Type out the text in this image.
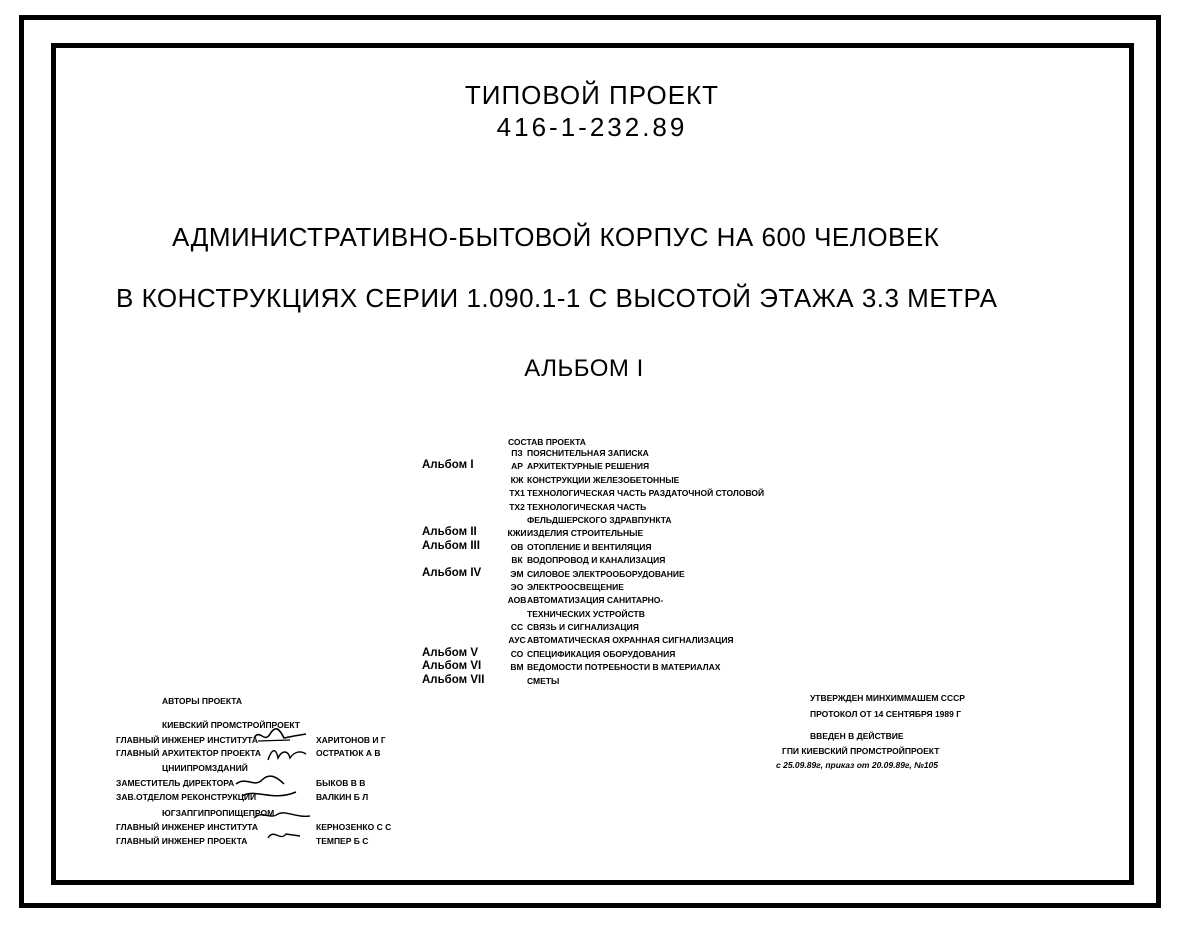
ТИПОВОЙ ПРОЕКТ
416-1-232.89
АДМИНИСТРАТИВНО-БЫТОВОЙ КОРПУС НА 600 ЧЕЛОВЕК
В КОНСТРУКЦИЯХ СЕРИИ 1.090.1-1 С ВЫСОТОЙ ЭТАЖА 3.3 МЕТРА
АЛЬБОМ I
СОСТАВ ПРОЕКТА
ПЗ ПОЯСНИТЕЛЬНАЯ ЗАПИСКА
Альбом I	АР АРХИТЕКТУРНЫЕ РЕШЕНИЯ
КЖ КОНСТРУКЦИИ ЖЕЛЕЗОБЕТОННЫЕ
ТХ1 ТЕХНОЛОГИЧЕСКАЯ ЧАСТЬ РАЗДАТОЧНОЙ СТОЛОВОЙ
ТХ2 ТЕХНОЛОГИЧЕСКАЯ ЧАСТЬ
ФЕЛЬДШЕРСКОГО ЗДРАВПУНКТА
Альбом II	КЖИ ИЗДЕЛИЯ СТРОИТЕЛЬНЫЕ
Альбом III	ОВ ОТОПЛЕНИЕ И ВЕНТИЛЯЦИЯ
ВК ВОДОПРОВОД И КАНАЛИЗАЦИЯ
Альбом IV	ЭМ СИЛОВОЕ ЭЛЕКТРООБОРУДОВАНИЕ
ЭО ЭЛЕКТРООСВЕЩЕНИЕ
АОВ АВТОМАТИЗАЦИЯ САНИТАРНО-
ТЕХНИЧЕСКИХ УСТРОЙСТВ
СС СВЯЗЬ И СИГНАЛИЗАЦИЯ
АУС АВТОМАТИЧЕСКАЯ ОХРАННАЯ СИГНАЛИЗАЦИЯ
Альбом V	СО СПЕЦИФИКАЦИЯ ОБОРУДОВАНИЯ
Альбом VI	ВМ ВЕДОМОСТИ ПОТРЕБНОСТИ В МАТЕРИАЛАХ
Альбом VII	СМЕТЫ
АВТОРЫ ПРОЕКТА
КИЕВСКИЙ ПРОМСТРОЙПРОЕКТ
ГЛАВНЫЙ ИНЖЕНЕР ИНСТИТУТА	ХАРИТОНОВ И Г
ГЛАВНЫЙ АРХИТЕКТОР ПРОЕКТА	ОСТРАТЮК А В
ЦНИИПРОМЗДАНИЙ
ЗАМЕСТИТЕЛЬ ДИРЕКТОРА	БЫКОВ В В
ЗАВ.ОТДЕЛОМ РЕКОНСТРУКЦИИ	ВАЛКИН Б Л
ЮГЗАПГИПРОПИЩЕПРОМ
ГЛАВНЫЙ ИНЖЕНЕР ИНСТИТУТА	КЕРНОЗЕНКО С С
ГЛАВНЫЙ ИНЖЕНЕР ПРОЕКТА	ТЕМПЕР Б С
УТВЕРЖДЕН МИНХИММАШЕМ СССР
ПРОТОКОЛ ОТ 14 СЕНТЯБРЯ 1989 Г
ВВЕДЕН В ДЕЙСТВИЕ
ГПИ КИЕВСКИЙ ПРОМСТРОЙПРОЕКТ
с 25.09.89г, приказ от 20.09.89г, №105
